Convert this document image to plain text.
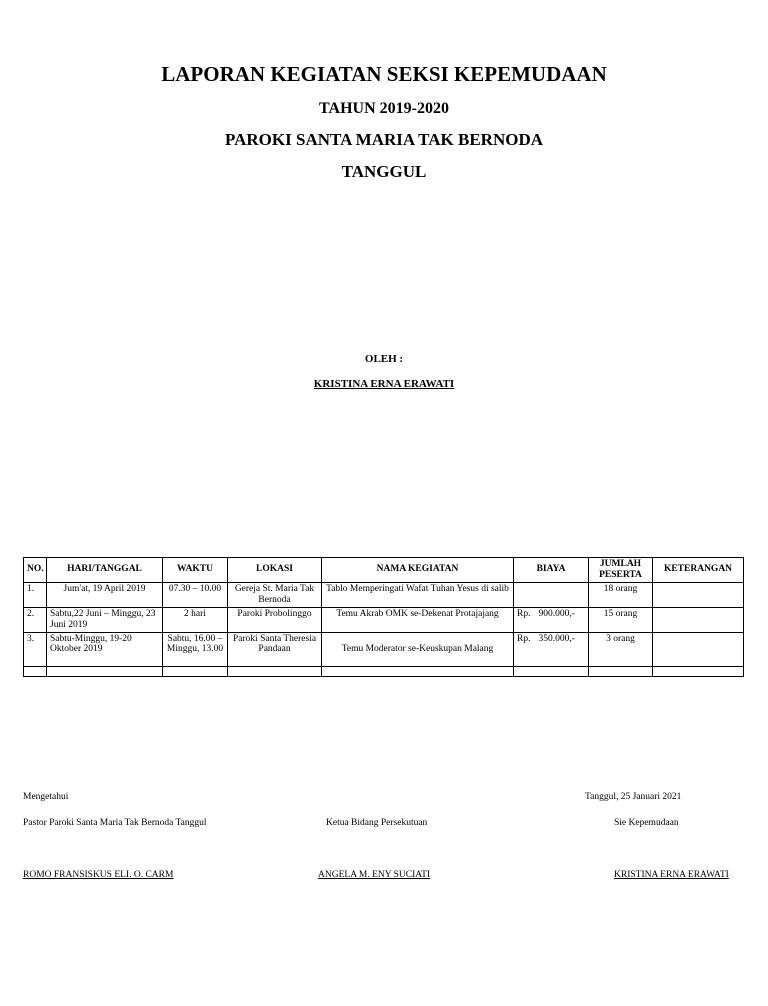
LAPORAN KEGIATAN SEKSI KEPEMUDAAN
TAHUN 2019-2020
PAROKI SANTA MARIA TAK BERNODA
TANGGUL
OLEH :
KRISTINA ERNA ERAWATI
NO.	HARI/TANGGAL	WAKTU	LOKASI	NAMA KEGIATAN	BIAYA	JUMLAH PESERTA	KETERANGAN
1.	Jum'at, 19 April 2019	07.30 – 10.00	Gereja St. Maria Tak Bernoda	Tablo Memperingati Wafat Tuhan Yesus di salib		18 orang	
2.	Sabtu,22 Juni – Minggu, 23 Juni 2019	2 hari	Paroki Probolinggo	Temu Akrab OMK se-Dekenat Protajajang	Rp. 900.000,-	15 orang	
3.	Sabtu-Minggu, 19-20 Oktober 2019	Sabtu, 16.00 – Minggu, 13.00	Paroki Santa Theresia Pandaan	Temu Moderator se-Keuskupan Malang	Rp. 350.000,-	3 orang	

Mengetahui	Tanggul, 25 Januari 2021
Pastor Paroki Santa Maria Tak Bernoda Tanggul	Ketua Bidang Persekutuan	Sie Kepemudaan
ROMO FRANSISKUS ELI. O. CARM	ANGELA M. ENY SUCIATI	KRISTINA ERNA ERAWATI
